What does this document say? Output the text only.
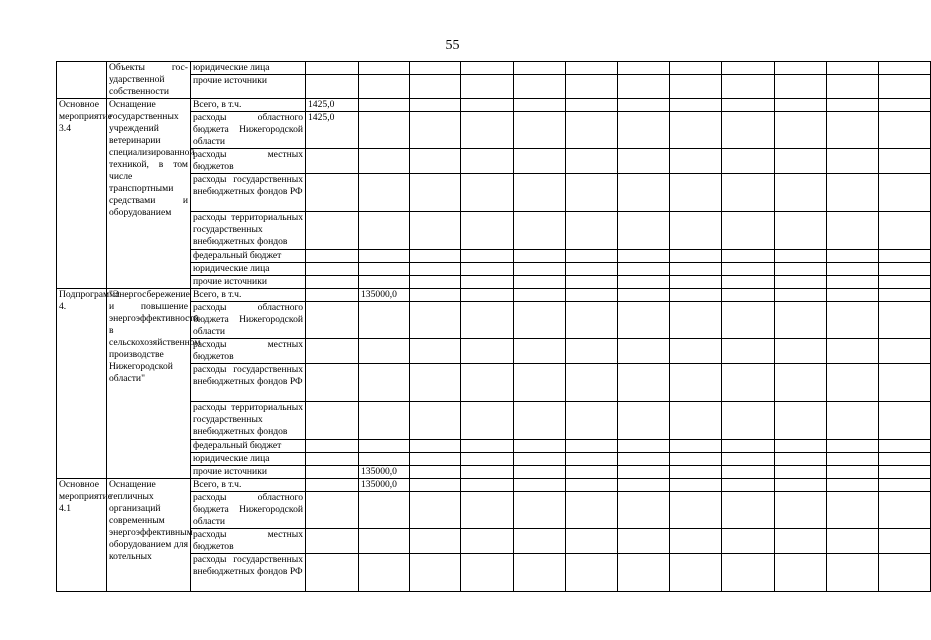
55

	Объекты гос-
ударственной собственности	юридические лица												
		прочие источники												
Основное мероприятие 3.4	Оснащение государственных учреждений ветеринарии специализированной техникой, в том числе транспортными средствами и оборудованием	Всего, в т.ч.	1425,0											
		расходы областного бюджета Нижегородской области	1425,0											
		расходы местных бюджетов												
		расходы государственных внебюджетных фондов РФ												
		расходы территориальных государственных внебюджетных фондов												
		федеральный бюджет												
		юридические лица												
		прочие источники												
Подпрограмма 4.	"Энергосбережение и повышение энергоэффективности в сельскохозяйственном производстве Нижегородской области"	Всего, в т.ч.		135000,0										
		расходы областного бюджета Нижегородской области												
		расходы местных бюджетов												
		расходы государственных внебюджетных фондов РФ												
		расходы территориальных государственных внебюджетных фондов												
		федеральный бюджет												
		юридические лица												
		прочие источники		135000,0										
Основное мероприятие 4.1	Оснащение тепличных организаций современным энергоэффективным оборудованием для котельных	Всего, в т.ч.		135000,0										
		расходы областного бюджета Нижегородской области												
		расходы местных бюджетов												
		расходы государственных внебюджетных фондов РФ												
